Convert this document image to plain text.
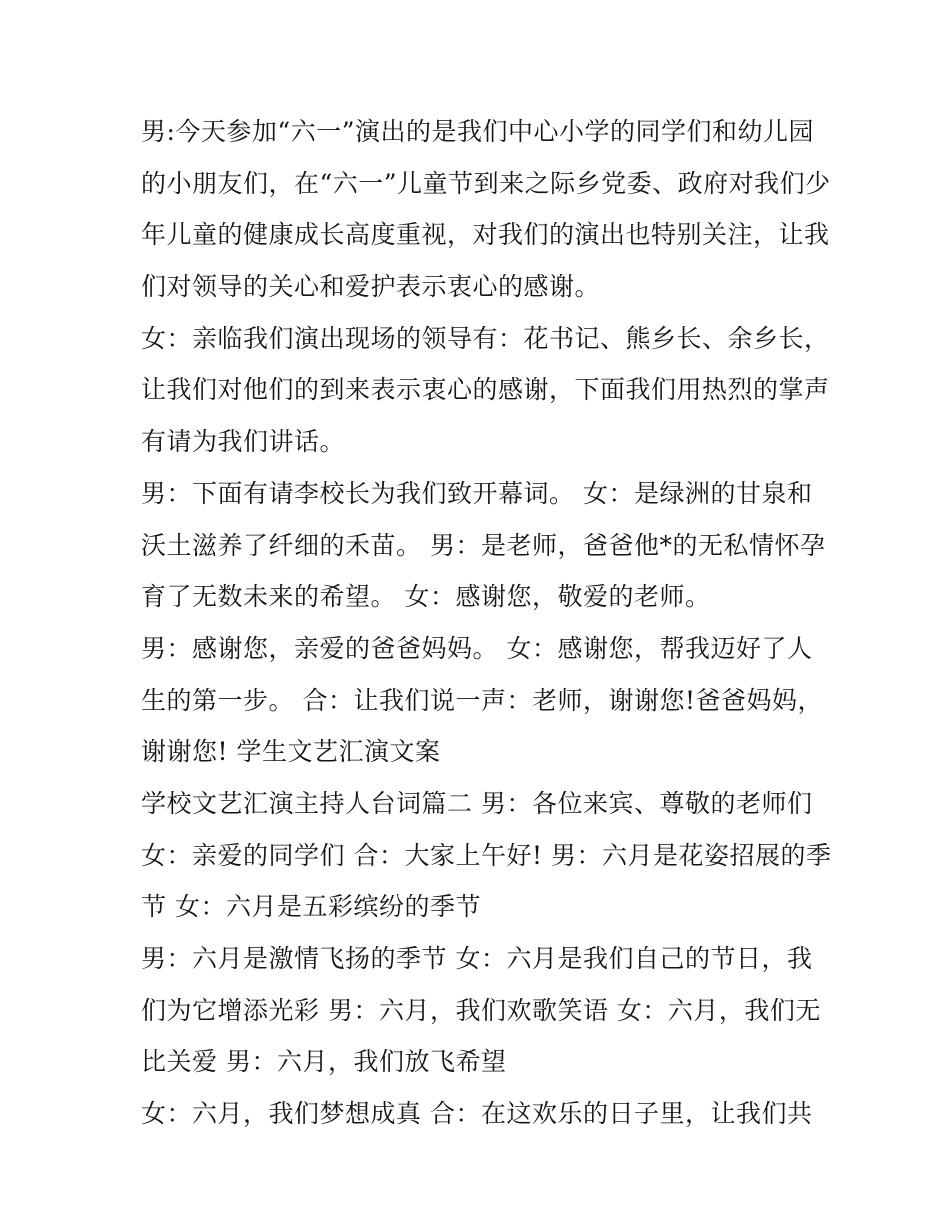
男:今天参加“六一”演出的是我们中心小学的同学们和幼儿园
的小朋友们，在“六一”儿童节到来之际乡党委、政府对我们少
年儿童的健康成长高度重视，对我们的演出也特别关注，让我
们对领导的关心和爱护表示衷心的感谢。
女：亲临我们演出现场的领导有：花书记、熊乡长、余乡长，
让我们对他们的到来表示衷心的感谢，下面我们用热烈的掌声
有请为我们讲话。
男：下面有请李校长为我们致开幕词。 女：是绿洲的甘泉和
沃土滋养了纤细的禾苗。 男：是老师，爸爸他*的无私情怀孕
育了无数未来的希望。 女：感谢您，敬爱的老师。
男：感谢您，亲爱的爸爸妈妈。 女：感谢您，帮我迈好了人
生的第一步。 合：让我们说一声：老师，谢谢您!爸爸妈妈，
谢谢您! 学生文艺汇演文案
学校文艺汇演主持人台词篇二 男：各位来宾、尊敬的老师们
女：亲爱的同学们 合：大家上午好! 男：六月是花姿招展的季
节 女：六月是五彩缤纷的季节
男：六月是激情飞扬的季节 女：六月是我们自己的节日，我
们为它增添光彩 男：六月，我们欢歌笑语 女：六月，我们无
比关爱 男：六月，我们放飞希望
女：六月，我们梦想成真 合：在这欢乐的日子里，让我们共
